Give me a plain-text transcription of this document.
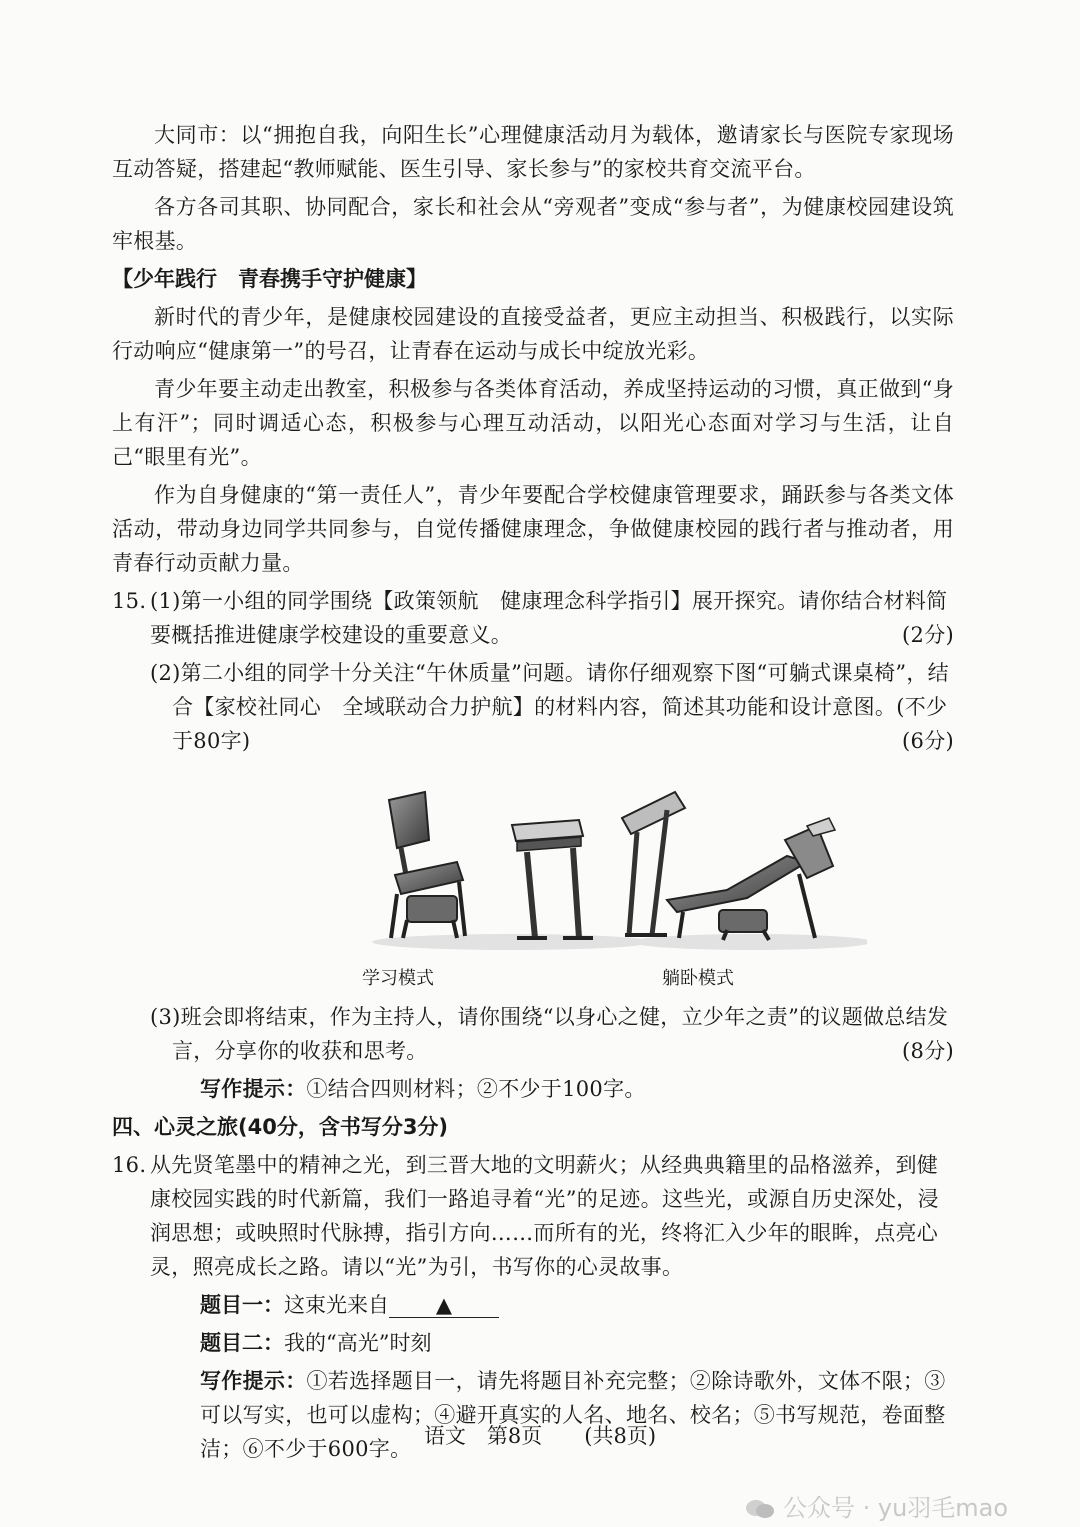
大同市：以“拥抱自我，向阳生长”心理健康活动月为载体，邀请家长与医院专家现场互动答疑，搭建起“教师赋能、医生引导、家长参与”的家校共育交流平台。

各方各司其职、协同配合，家长和社会从“旁观者”变成“参与者”，为健康校园建设筑牢根基。

【少年践行　青春携手守护健康】

新时代的青少年，是健康校园建设的直接受益者，更应主动担当、积极践行，以实际行动响应“健康第一”的号召，让青春在运动与成长中绽放光彩。

青少年要主动走出教室，积极参与各类体育活动，养成坚持运动的习惯，真正做到“身上有汗”；同时调适心态，积极参与心理互动活动，以阳光心态面对学习与生活，让自己“眼里有光”。

作为自身健康的“第一责任人”，青少年要配合学校健康管理要求，踊跃参与各类文体活动，带动身边同学共同参与，自觉传播健康理念，争做健康校园的践行者与推动者，用青春行动贡献力量。

15. (1)第一小组的同学围绕【政策领航　健康理念科学指引】展开探究。请你结合材料简要概括推进健康学校建设的重要意义。	(2分)
(2)第二小组的同学十分关注“午休质量”问题。请你仔细观察下图“可躺式课桌椅”，结合【家校社同心　全域联动合力护航】的材料内容，简述其功能和设计意图。(不少于80字)	(6分)
学习模式	躺卧模式
(3)班会即将结束，作为主持人，请你围绕“以身心之健，立少年之责”的议题做总结发言，分享你的收获和思考。	(8分)

写作提示：①结合四则材料；②不少于100字。

四、心灵之旅(40分，含书写分3分)

16. 从先贤笔墨中的精神之光，到三晋大地的文明薪火；从经典典籍里的品格滋养，到健康校园实践的时代新篇，我们一路追寻着“光”的足迹。这些光，或源自历史深处，浸润思想；或映照时代脉搏，指引方向……而所有的光，终将汇入少年的眼眸，点亮心灵，照亮成长之路。请以“光”为引，书写你的心灵故事。

题目一：这束光来自 ▲

题目二：我的“高光”时刻

写作提示：①若选择题目一，请先将题目补充完整；②除诗歌外，文体不限；③可以写实，也可以虚构；④避开真实的人名、地名、校名；⑤书写规范，卷面整洁；⑥不少于600字。

语文　第8页　　(共8页)
公众号 · yu羽毛mao
